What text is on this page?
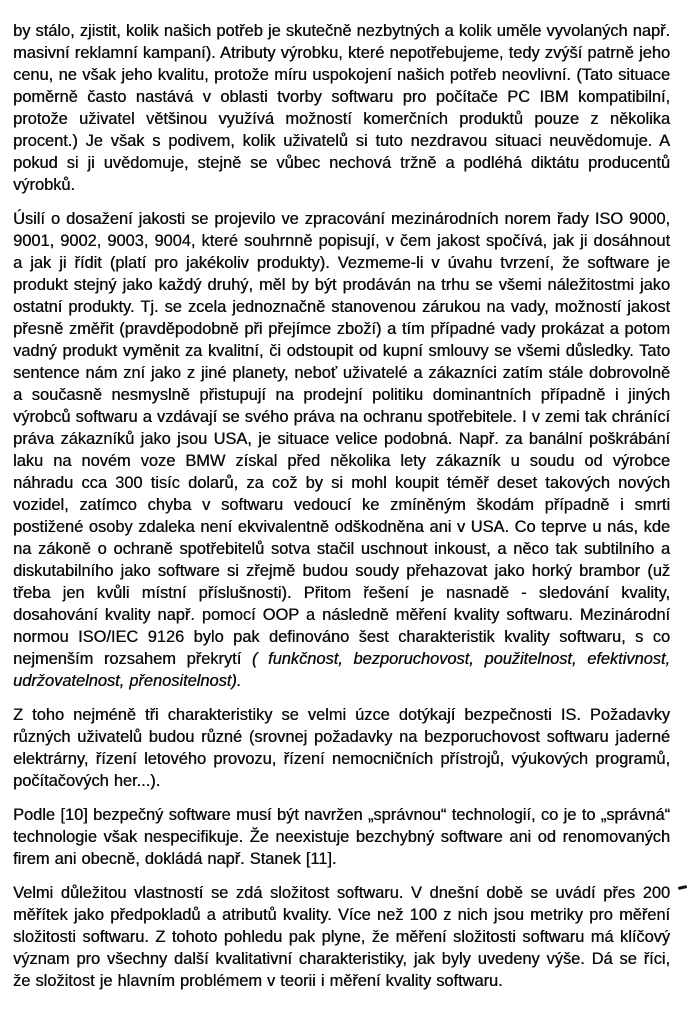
by stálo, zjistit, kolik našich potřeb je skutečně nezbytných a kolik uměle vyvolaných např. masivní reklamní kampaní). Atributy výrobku, které nepotřebujeme, tedy zvýší patrně jeho cenu, ne však jeho kvalitu, protože míru uspokojení našich potřeb neovlivní. (Tato situace poměrně často nastává v oblasti tvorby softwaru pro počítače PC IBM kompatibilní, protože uživatel většinou využívá možností komerčních produktů pouze z několika procent.) Je však s podivem, kolik uživatelů si tuto nezdravou situaci neuvědomuje. A pokud si ji uvědomuje, stejně se vůbec nechová tržně a podléhá diktátu producentů výrobků.

Úsilí o dosažení jakosti se projevilo ve zpracování mezinárodních norem řady ISO 9000, 9001, 9002, 9003, 9004, které souhrnně popisují, v čem jakost spočívá, jak ji dosáhnout a jak ji řídit (platí pro jakékoliv produkty). Vezmeme-li v úvahu tvrzení, že software je produkt stejný jako každý druhý, měl by být prodáván na trhu se všemi náležitostmi jako ostatní produkty. Tj. se zcela jednoznačně stanovenou zárukou na vady, možností jakost přesně změřit (pravděpodobně při přejímce zboží) a tím případné vady prokázat a potom vadný produkt vyměnit za kvalitní, či odstoupit od kupní smlouvy se všemi důsledky. Tato sentence nám zní jako z jiné planety, neboť uživatelé a zákazníci zatím stále dobrovolně a současně nesmyslně přistupují na prodejní politiku dominantních případně i jiných výrobců softwaru a vzdávají se svého práva na ochranu spotřebitele. I v zemi tak chránící práva zákazníků jako jsou USA, je situace velice podobná. Např. za banální poškrábání laku na novém voze BMW získal před několika lety zákazník u soudu od výrobce náhradu cca 300 tisíc dolarů, za což by si mohl koupit téměř deset takových nových vozidel, zatímco chyba v softwaru vedoucí ke zmíněným škodám případně i smrti postižené osoby zdaleka není ekvivalentně odškodněna ani v USA. Co teprve u nás, kde na zákoně o ochraně spotřebitelů sotva stačil uschnout inkoust, a něco tak subtilního a diskutabilního jako software si zřejmě budou soudy přehazovat jako horký brambor (už třeba jen kvůli místní příslušnosti). Přitom řešení je nasnadě - sledování kvality, dosahování kvality např. pomocí OOP a následně měření kvality softwaru. Mezinárodní normou ISO/IEC 9126 bylo pak definováno šest charakteristik kvality softwaru, s co nejmenším rozsahem překrytí ( funkčnost, bezporuchovost, použitelnost, efektivnost, udržovatelnost, přenositelnost).

Z toho nejméně tři charakteristiky se velmi úzce dotýkají bezpečnosti IS. Požadavky různých uživatelů budou různé (srovnej požadavky na bezporuchovost softwaru jaderné elektrárny, řízení letového provozu, řízení nemocničních přístrojů, výukových programů, počítačových her...).

Podle [10] bezpečný software musí být navržen „správnou“ technologií, co je to „správná“ technologie však nespecifikuje. Že neexistuje bezchybný software ani od renomovaných firem ani obecně, dokládá např. Stanek [11].

Velmi důležitou vlastností se zdá složitost softwaru. V dnešní době se uvádí přes 200 měřítek jako předpokladů a atributů kvality. Více než 100 z nich jsou metriky pro měření složitosti softwaru. Z tohoto pohledu pak plyne, že měření složitosti softwaru má klíčový význam pro všechny další kvalitativní charakteristiky, jak byly uvedeny výše. Dá se říci, že složitost je hlavním problémem v teorii i měření kvality softwaru.
